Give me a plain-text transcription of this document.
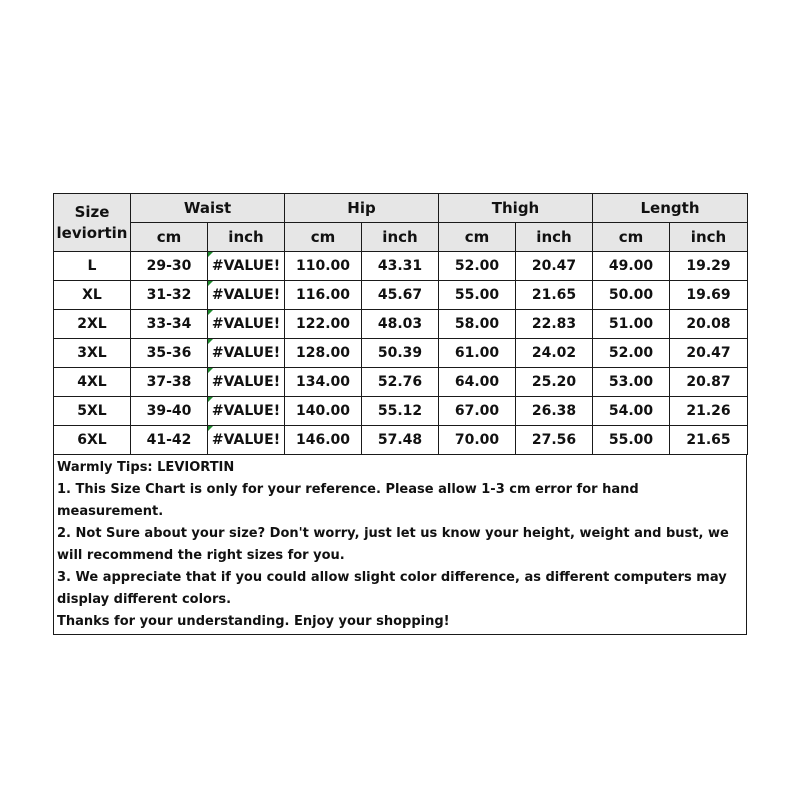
Size
leviortin	Waist		Hip		Thigh		Length	
	cm	inch	cm	inch	cm	inch	cm	inch
L	29-30	#VALUE!	110.00	43.31	52.00	20.47	49.00	19.29
XL	31-32	#VALUE!	116.00	45.67	55.00	21.65	50.00	19.69
2XL	33-34	#VALUE!	122.00	48.03	58.00	22.83	51.00	20.08
3XL	35-36	#VALUE!	128.00	50.39	61.00	24.02	52.00	20.47
4XL	37-38	#VALUE!	134.00	52.76	64.00	25.20	53.00	20.87
5XL	39-40	#VALUE!	140.00	55.12	67.00	26.38	54.00	21.26
6XL	41-42	#VALUE!	146.00	57.48	70.00	27.56	55.00	21.65

Warmly Tips: LEVIORTIN

1. This Size Chart is only for your reference. Please allow 1-3 cm error for hand measurement.

2. Not Sure about your size? Don't worry, just let us know your height, weight and bust, we will recommend the right sizes for you.

3. We appreciate that if you could allow slight color difference, as different computers may display different colors.

Thanks for your understanding. Enjoy your shopping!
